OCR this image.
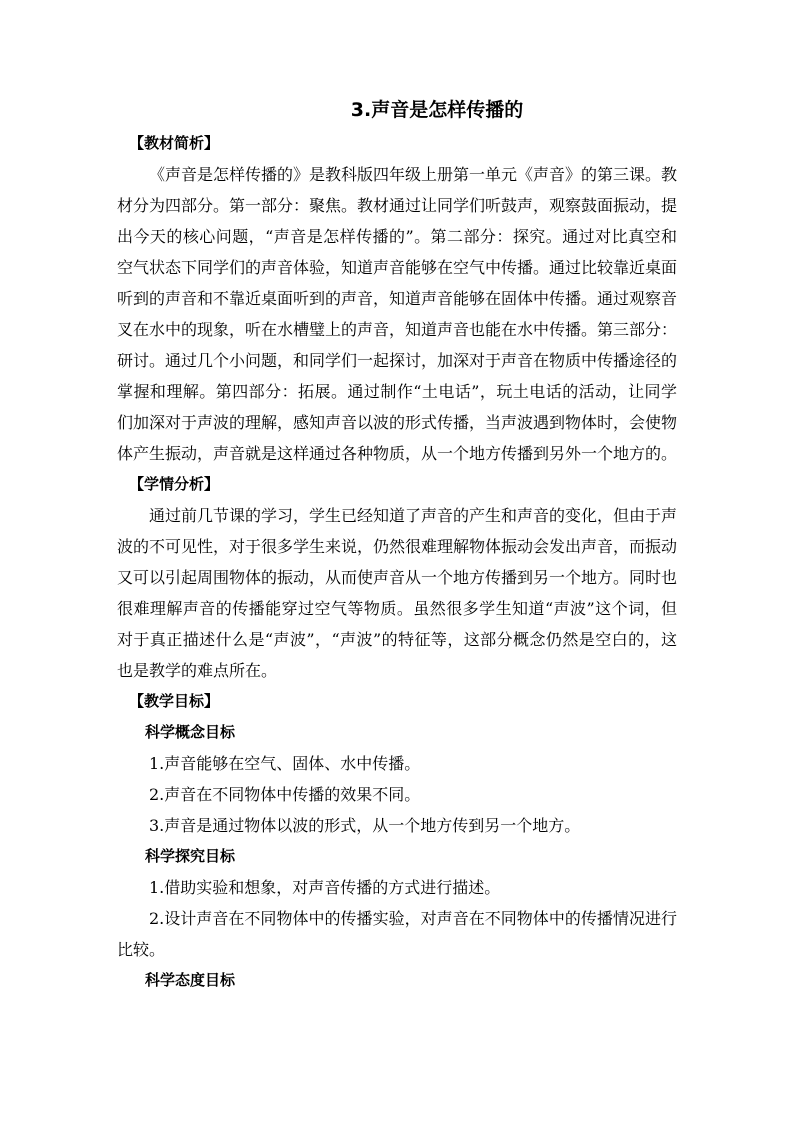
3.声音是怎样传播的
【教材简析】

《声音是怎样传播的》是教科版四年级上册第一单元《声音》的第三课。教材分为四部分。第一部分：聚焦。教材通过让同学们听鼓声，观察鼓面振动，提出今天的核心问题，“声音是怎样传播的”。第二部分：探究。通过对比真空和空气状态下同学们的声音体验，知道声音能够在空气中传播。通过比较靠近桌面听到的声音和不靠近桌面听到的声音，知道声音能够在固体中传播。通过观察音叉在水中的现象，听在水槽璧上的声音，知道声音也能在水中传播。第三部分：研讨。通过几个小问题，和同学们一起探讨，加深对于声音在物质中传播途径的掌握和理解。第四部分：拓展。通过制作“土电话”，玩土电话的活动，让同学们加深对于声波的理解，感知声音以波的形式传播，当声波遇到物体时，会使物体产生振动，声音就是这样通过各种物质，从一个地方传播到另外一个地方的。

【学情分析】

通过前几节课的学习，学生已经知道了声音的产生和声音的变化，但由于声波的不可见性，对于很多学生来说，仍然很难理解物体振动会发出声音，而振动又可以引起周围物体的振动，从而使声音从一个地方传播到另一个地方。同时也很难理解声音的传播能穿过空气等物质。虽然很多学生知道“声波”这个词，但对于真正描述什么是“声波”，“声波”的特征等，这部分概念仍然是空白的，这也是教学的难点所在。

【教学目标】
科学概念目标

1.声音能够在空气、固体、水中传播。

2.声音在不同物体中传播的效果不同。

3.声音是通过物体以波的形式，从一个地方传到另一个地方。

科学探究目标

1.借助实验和想象，对声音传播的方式进行描述。

2.设计声音在不同物体中的传播实验，对声音在不同物体中的传播情况进行比较。

科学态度目标
